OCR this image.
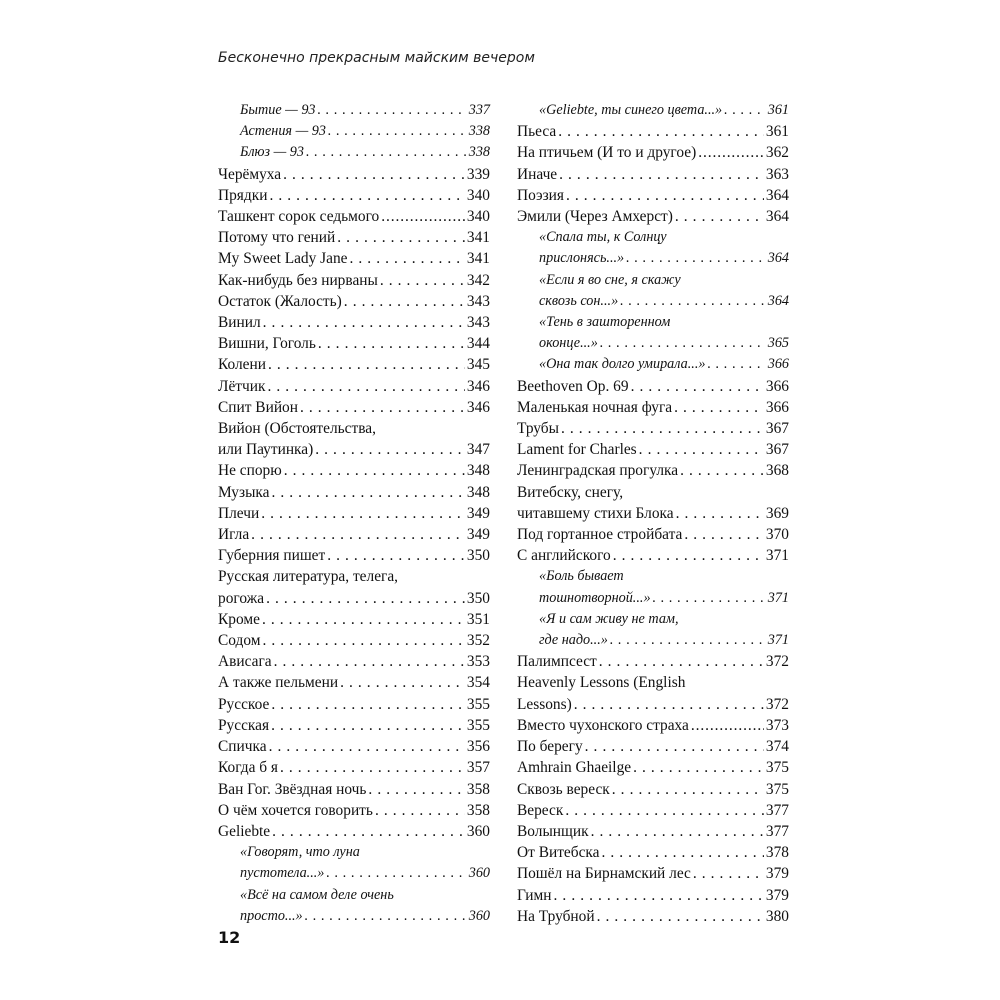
Бесконечно прекрасным майским вечером
Бытие — 93 . . .	337
Астения — 93 . . .	338
Блюз — 93 . . .	338
Черёмуха . . .	339
Прядки . . .	340
Ташкент сорок седьмого .....	340
Потому что гений . . .	341
My Sweet Lady Jane . . .	341
Как-нибудь без нирваны . . .	342
Остаток (Жалость) . . .	343
Винил . . .	343
Вишни, Гоголь . . .	344
Колени . . .	345
Лётчик . . .	346
Спит Вийон . . .	346
Вийон (Обстоятельства,
или Паутинка) . . .	347
Не спорю . . .	348
Музыка . . .	348
Плечи . . .	349
Игла . . .	349
Губерния пишет . . .	350
Русская литература, телега,
рогожа . . .	350
Кроме . . .	351
Содом . . .	352
Ависага . . .	353
А также пельмени . . .	354
Русское . . .	355
Русская . . .	355
Спичка . . .	356
Когда б я . . .	357
Ван Гог. Звёздная ночь . . .	358
О чём хочется говорить . . .	358
Geliebte . . .	360
«Говорят, что луна
пустотела...» . . .	360
«Всё на самом деле очень
просто...» . . .	360
«Geliebte, ты синего цвета...» . . .	361
Пьеса . . .	361
На птичьем (И то и другое) .....	362
Иначе . . .	363
Поэзия . . .	364
Эмили (Через Амхерст) . . .	364
«Спала ты, к Солнцу
прислонясь...» . . .	364
«Если я во сне, я скажу
сквозь сон...» . . .	364
«Тень в зашторенном
оконце...» . . .	365
«Она так долго умирала...» . . .	366
Beethoven Op. 69 . . .	366
Маленькая ночная фуга . . .	366
Трубы . . .	367
Lament for Charles . . .	367
Ленинградская прогулка . . .	368
Витебску, снегу,
читавшему стихи Блока . . .	369
Под гортанное стройбата . . .	370
С английского . . .	371
«Боль бывает
тошнотворной...» . . .	371
«Я и сам живу не там,
где надо...» . . .	371
Палимпсест . . .	372
Heavenly Lessons (English
Lessons) . . .	372
Вместо чухонского страха .....	373
По берегу . . .	374
Amhrain Ghaeilge . . .	375
Сквозь вереск . . .	375
Вереск . . .	377
Волынщик . . .	377
От Витебска . . .	378
Пошёл на Бирнамский лес . . .	379
Гимн . . .	379
На Трубной . . .	380
12
